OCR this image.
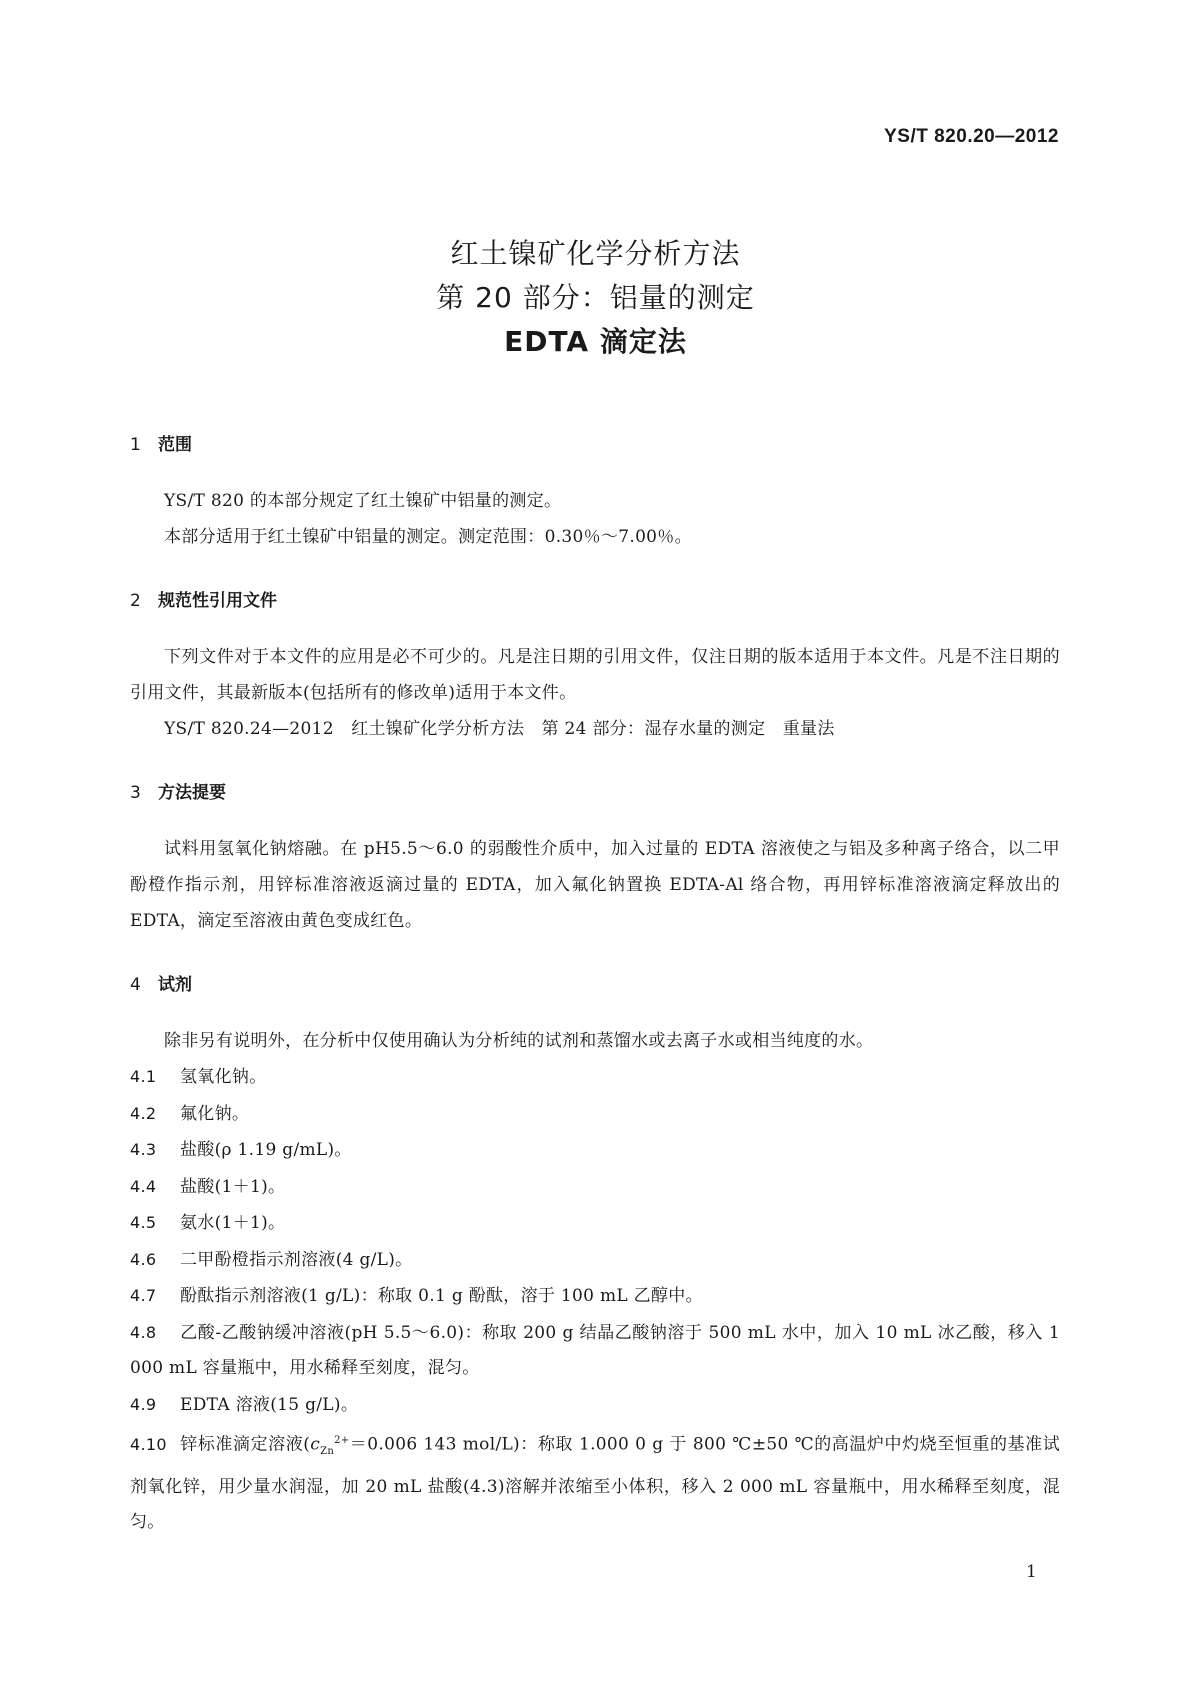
YS/T 820.20—2012
红土镍矿化学分析方法
第 20 部分：铝量的测定
EDTA 滴定法
1 范围

YS/T 820 的本部分规定了红土镍矿中铝量的测定。

本部分适用于红土镍矿中铝量的测定。测定范围：0.30％～7.00％。

2 规范性引用文件

下列文件对于本文件的应用是必不可少的。凡是注日期的引用文件，仅注日期的版本适用于本文件。凡是不注日期的引用文件，其最新版本(包括所有的修改单)适用于本文件。

YS/T 820.24—2012　 红土镍矿化学分析方法　第 24 部分：湿存水量的测定　重量法

3 方法提要

试料用氢氧化钠熔融。在 pH5.5～6.0 的弱酸性介质中，加入过量的 EDTA 溶液使之与铝及多种离子络合，以二甲酚橙作指示剂，用锌标准溶液返滴过量的 EDTA，加入氟化钠置换 EDTA-Al 络合物，再用锌标准溶液滴定释放出的 EDTA，滴定至溶液由黄色变成红色。

4 试剂

除非另有说明外，在分析中仅使用确认为分析纯的试剂和蒸馏水或去离子水或相当纯度的水。

4.1 氢氧化钠。

4.2 氟化钠。

4.3 盐酸(ρ 1.19 g/mL)。

4.4 盐酸(1＋1)。

4.5 氨水(1＋1)。

4.6 二甲酚橙指示剂溶液(4 g/L)。

4.7 酚酞指示剂溶液(1 g/L)：称取 0.1 g 酚酞，溶于 100 mL 乙醇中。

4.8 乙酸-乙酸钠缓冲溶液(pH 5.5～6.0)：称取 200 g 结晶乙酸钠溶于 500 mL 水中，加入 10 mL 冰乙酸，移入 1 000 mL 容量瓶中，用水稀释至刻度，混匀。

4.9 EDTA 溶液(15 g/L)。

4.10 锌标准滴定溶液($c_{Zn}^{2+}=0.006$ 143 mol/L)：称取 1.000 0 g 于 800 ℃±50 ℃的高温炉中灼烧至恒重的基准试剂氧化锌，用少量水润湿，加 20 mL 盐酸(4.3)溶解并浓缩至小体积，移入 2 000 mL 容量瓶中，用水稀释至刻度，混匀。

1
